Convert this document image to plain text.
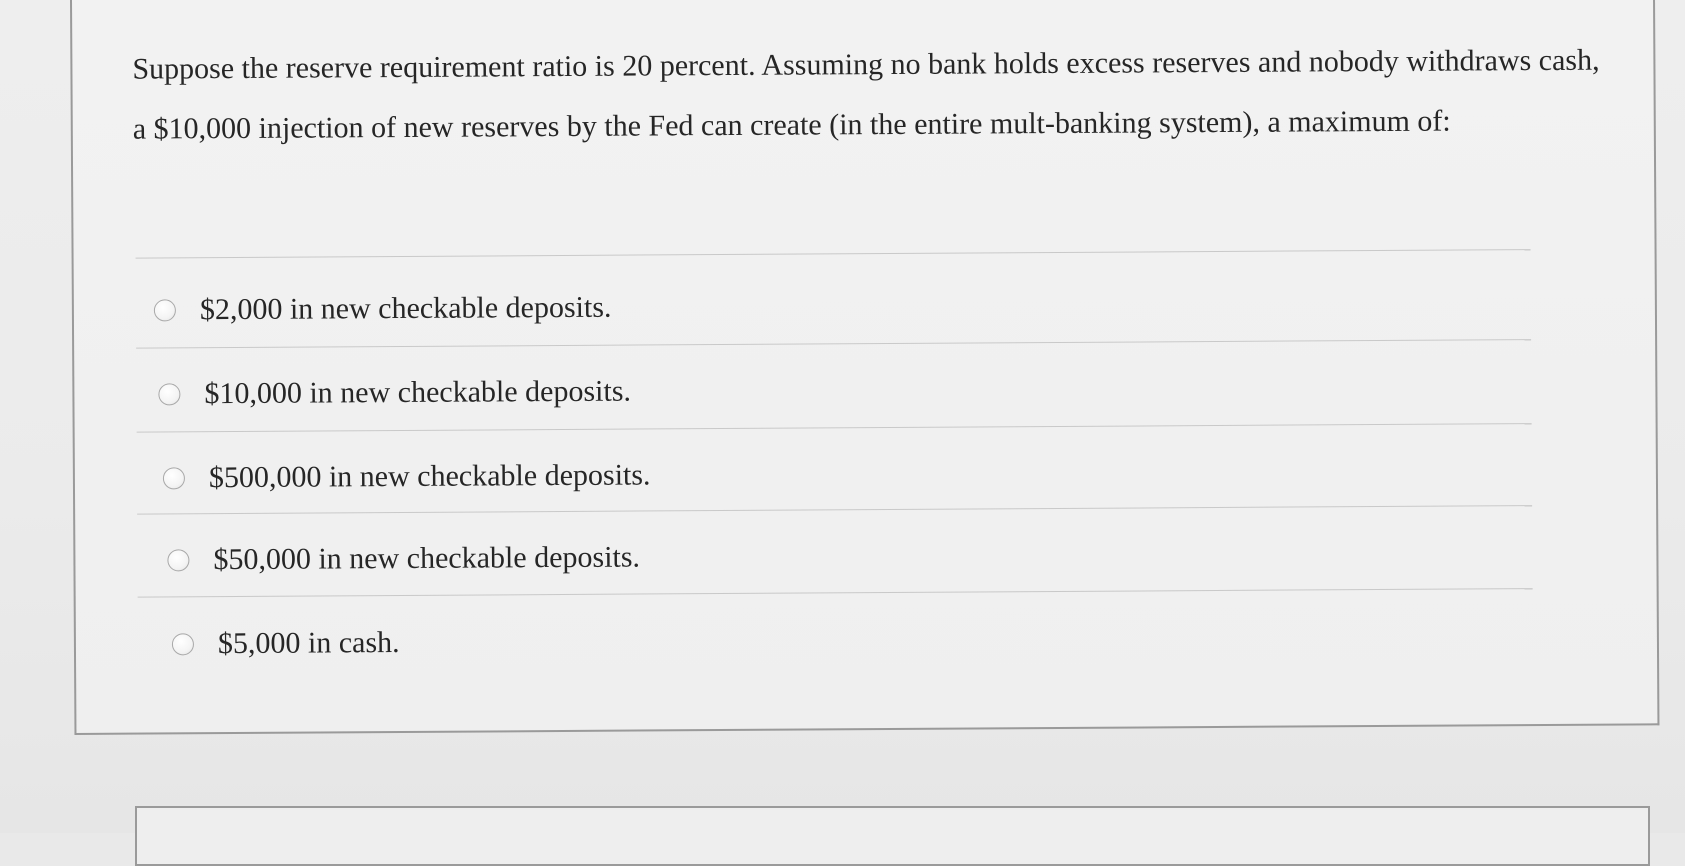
Suppose the reserve requirement ratio is 20 percent. Assuming no bank holds excess reserves and nobody withdraws cash, a $10,000 injection of new reserves by the Fed can create (in the entire mult-banking system), a maximum of:

$2,000 in new checkable deposits.
$10,000 in new checkable deposits.
$500,000 in new checkable deposits.
$50,000 in new checkable deposits.
$5,000 in cash.
